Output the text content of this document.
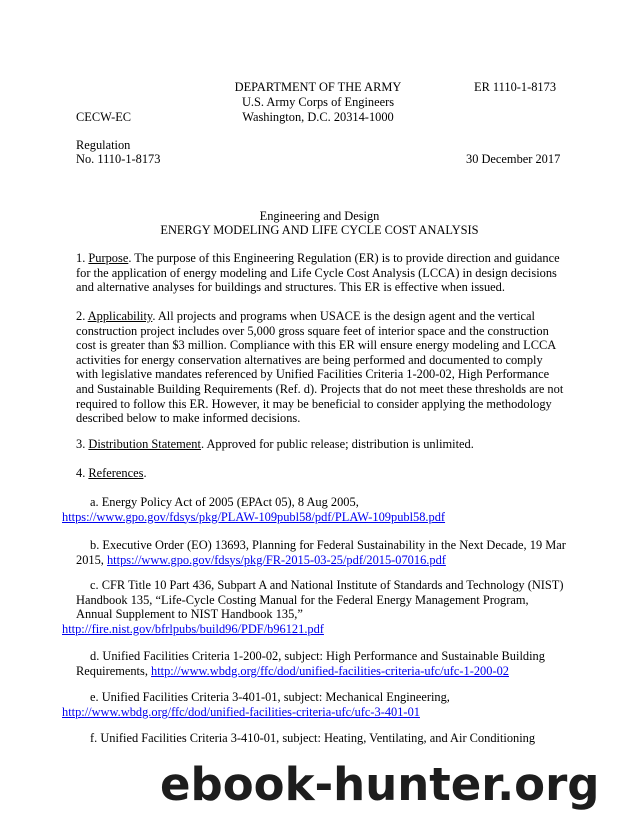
DEPARTMENT OF THE ARMY
U.S. Army Corps of Engineers
Washington, D.C. 20314-1000
ER 1110-1-8173
CECW-EC
Regulation
No. 1110-1-8173	30 December 2017
Engineering and Design
ENERGY MODELING AND LIFE CYCLE COST ANALYSIS

1. Purpose. The purpose of this Engineering Regulation (ER) is to provide direction and guidance for the application of energy modeling and Life Cycle Cost Analysis (LCCA) in design decisions and alternative analyses for buildings and structures. This ER is effective when issued.

2. Applicability. All projects and programs when USACE is the design agent and the vertical construction project includes over 5,000 gross square feet of interior space and the construction cost is greater than $3 million. Compliance with this ER will ensure energy modeling and LCCA activities for energy conservation alternatives are being performed and documented to comply with legislative mandates referenced by Unified Facilities Criteria 1-200-02, High Performance and Sustainable Building Requirements (Ref. d). Projects that do not meet these thresholds are not required to follow this ER. However, it may be beneficial to consider applying the methodology described below to make informed decisions.

3. Distribution Statement. Approved for public release; distribution is unlimited.

4. References.

a. Energy Policy Act of 2005 (EPAct 05), 8 Aug 2005,
https://www.gpo.gov/fdsys/pkg/PLAW-109publ58/pdf/PLAW-109publ58.pdf

b. Executive Order (EO) 13693, Planning for Federal Sustainability in the Next Decade, 19 Mar 2015, https://www.gpo.gov/fdsys/pkg/FR-2015-03-25/pdf/2015-07016.pdf

c. CFR Title 10 Part 436, Subpart A and National Institute of Standards and Technology (NIST) Handbook 135, “Life-Cycle Costing Manual for the Federal Energy Management Program, Annual Supplement to NIST Handbook 135,”
http://fire.nist.gov/bfrlpubs/build96/PDF/b96121.pdf

d. Unified Facilities Criteria 1-200-02, subject: High Performance and Sustainable Building Requirements, http://www.wbdg.org/ffc/dod/unified-facilities-criteria-ufc/ufc-1-200-02

e. Unified Facilities Criteria 3-401-01, subject: Mechanical Engineering,
http://www.wbdg.org/ffc/dod/unified-facilities-criteria-ufc/ufc-3-401-01

f. Unified Facilities Criteria 3-410-01, subject: Heating, Ventilating, and Air Conditioning

ebook-hunter.org
